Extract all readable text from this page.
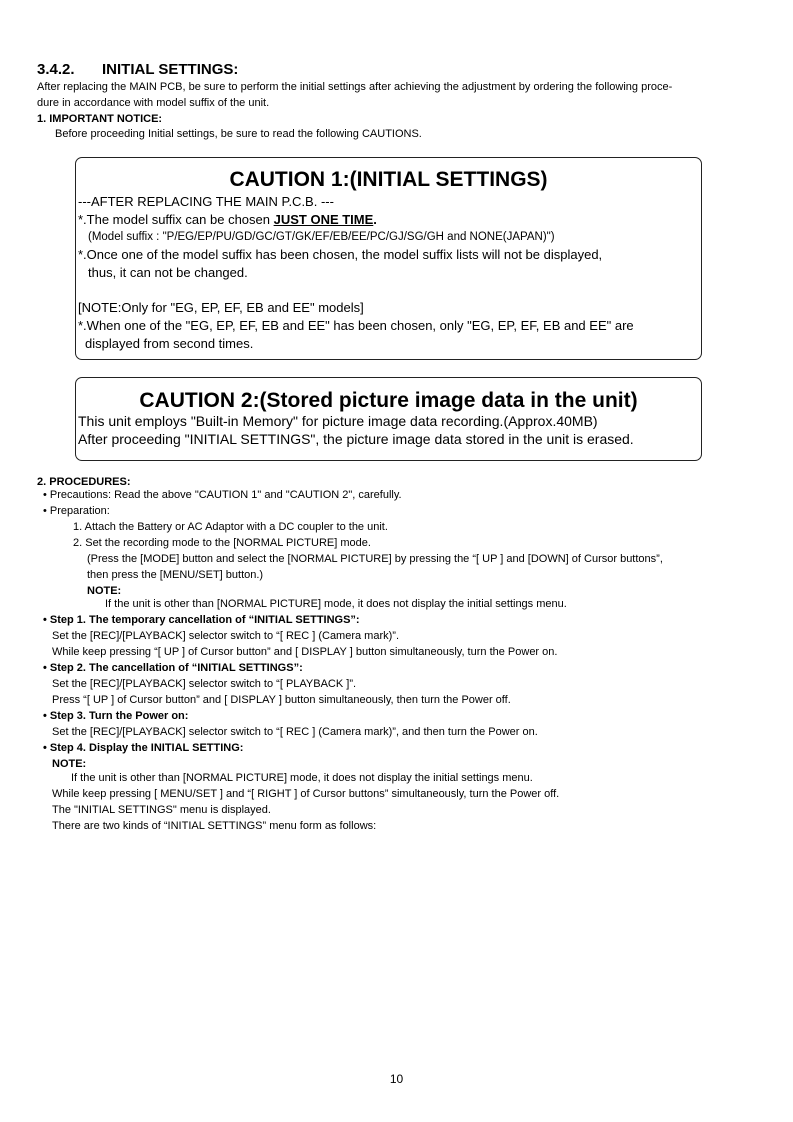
3.4.2. INITIAL SETTINGS:
After replacing the MAIN PCB, be sure to perform the initial settings after achieving the adjustment by ordering the following proce-
dure in accordance with model suffix of the unit.
1. IMPORTANT NOTICE:
Before proceeding Initial settings, be sure to read the following CAUTIONS.
CAUTION 1:(INITIAL SETTINGS)
---AFTER REPLACING THE MAIN P.C.B. ---
*.The model suffix can be chosen JUST ONE TIME.
(Model suffix : "P/EG/EP/PU/GD/GC/GT/GK/EF/EB/EE/PC/GJ/SG/GH and NONE(JAPAN)")
*.Once one of the model suffix has been chosen, the model suffix lists will not be displayed,
thus, it can not be changed.
[NOTE:Only for "EG, EP, EF, EB and EE" models]
*.When one of the "EG, EP, EF, EB and EE" has been chosen, only "EG, EP, EF, EB and EE" are
displayed from second times.
CAUTION 2:(Stored picture image data in the unit)
This unit employs "Built-in Memory" for picture image data recording.(Approx.40MB)
After proceeding "INITIAL SETTINGS", the picture image data stored in the unit is erased.
2. PROCEDURES:
• Precautions: Read the above "CAUTION 1" and "CAUTION 2", carefully.
• Preparation:
1. Attach the Battery or AC Adaptor with a DC coupler to the unit.
2. Set the recording mode to the [NORMAL PICTURE] mode.
(Press the [MODE] button and select the [NORMAL PICTURE] by pressing the “[ UP ] and [DOWN] of Cursor buttons”,
then press the [MENU/SET] button.)
NOTE:
If the unit is other than [NORMAL PICTURE] mode, it does not display the initial settings menu.
• Step 1. The temporary cancellation of “INITIAL SETTINGS”:
Set the [REC]/[PLAYBACK] selector switch to “[ REC ] (Camera mark)”.
While keep pressing “[ UP ] of Cursor button” and [ DISPLAY ] button simultaneously, turn the Power on.
• Step 2. The cancellation of “INITIAL SETTINGS”:
Set the [REC]/[PLAYBACK] selector switch to “[ PLAYBACK ]”.
Press “[ UP ] of Cursor button” and [ DISPLAY ] button simultaneously, then turn the Power off.
• Step 3. Turn the Power on:
Set the [REC]/[PLAYBACK] selector switch to “[ REC ] (Camera mark)”, and then turn the Power on.
• Step 4. Display the INITIAL SETTING:
NOTE:
If the unit is other than [NORMAL PICTURE] mode, it does not display the initial settings menu.
While keep pressing [ MENU/SET ] and “[ RIGHT ] of Cursor buttons” simultaneously, turn the Power off.
The "INITIAL SETTINGS" menu is displayed.
There are two kinds of “INITIAL SETTINGS” menu form as follows:
10
